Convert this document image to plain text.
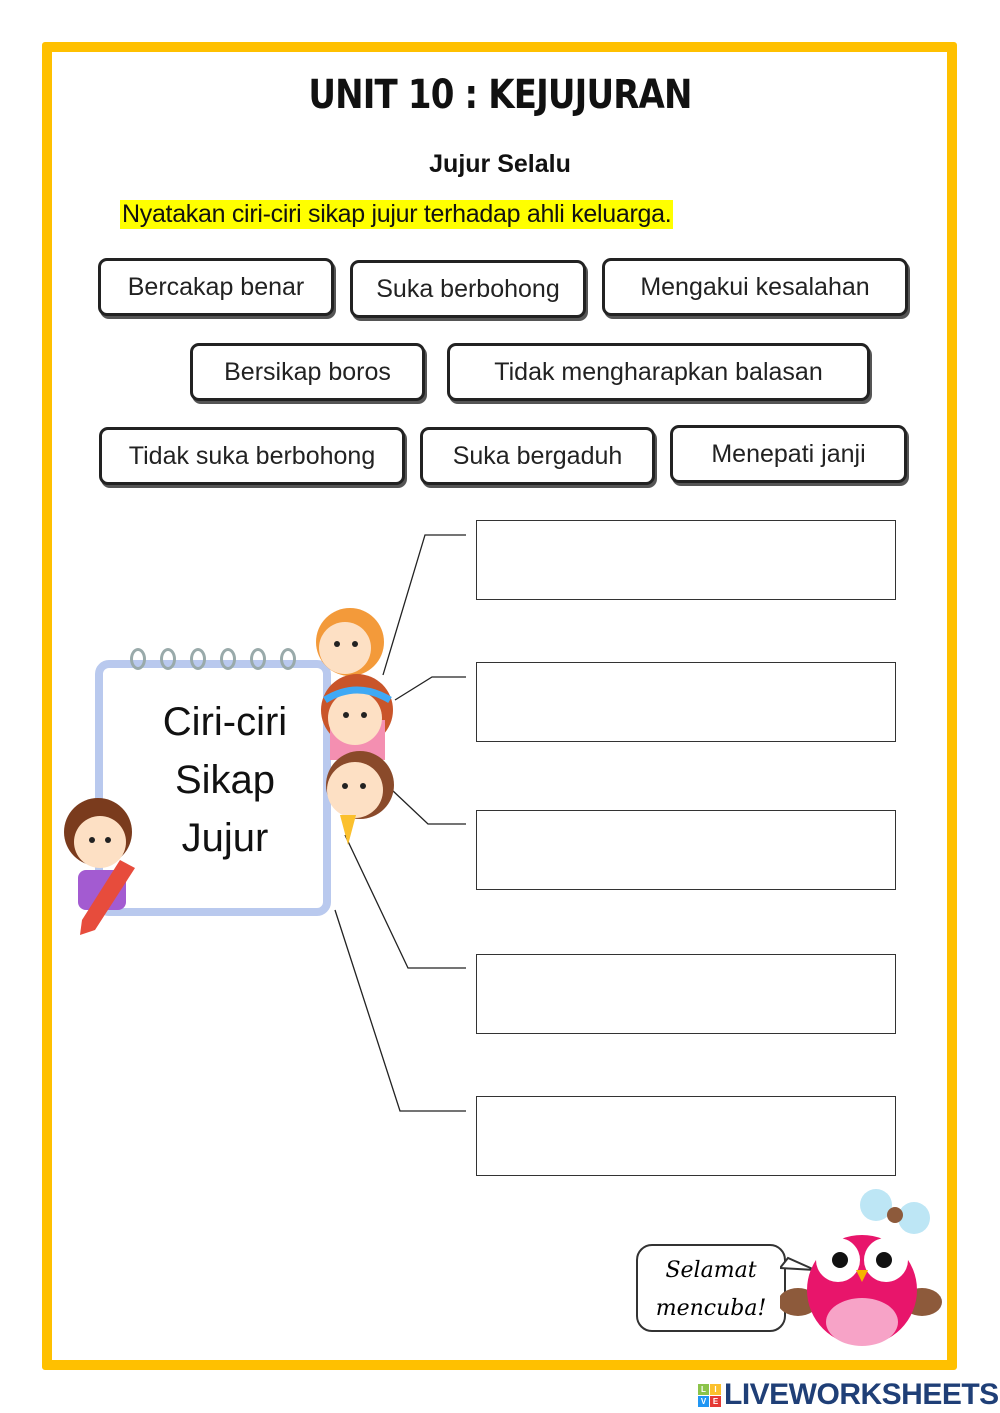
UNIT 10 : KEJUJURAN
Jujur Selalu
Nyatakan ciri-ciri sikap jujur terhadap ahli keluarga.
Bercakap benar	Suka berbohong	Mengakui kesalahan
Bersikap boros	Tidak mengharapkan balasan
Tidak suka berbohong	Suka bergaduh	Menepati janji
Ciri-ciri
Sikap
Jujur
Selamat
mencuba!
L	I
V E LIVEWORKSHEETS
